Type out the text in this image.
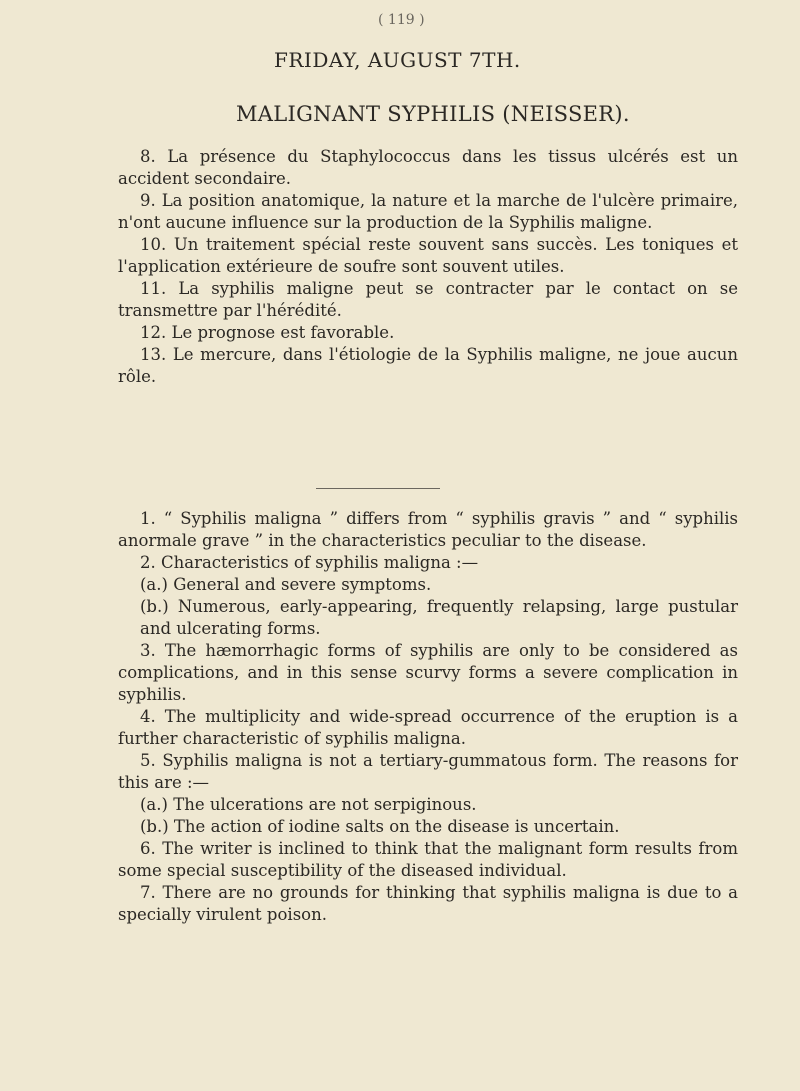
( 119 )
FRIDAY, AUGUST 7TH.
MALIGNANT SYPHILIS (NEISSER).

8. La présence du Staphylococcus dans les tissus ulcérés est un accident secondaire.

9. La position anatomique, la nature et la marche de l'ulcère primaire, n'ont aucune influence sur la production de la Syphilis maligne.

10. Un traitement spécial reste souvent sans succès. Les toniques et l'application extérieure de soufre sont souvent utiles.

11. La syphilis maligne peut se contracter par le contact on se transmettre par l'hérédité.

12. Le prognose est favorable.

13. Le mercure, dans l'étiologie de la Syphilis maligne, ne joue aucun rôle.

1. “ Syphilis maligna ” differs from “ syphilis gravis ” and “ syphilis anormale grave ” in the characteristics peculiar to the disease.

2. Characteristics of syphilis maligna :—

(a.) General and severe symptoms.

(b.) Numerous, early-appearing, frequently relapsing, large pustular and ulcerating forms.

3. The hæmorrhagic forms of syphilis are only to be considered as complications, and in this sense scurvy forms a severe complication in syphilis.

4. The multiplicity and wide-spread occurrence of the eruption is a further characteristic of syphilis maligna.

5. Syphilis maligna is not a tertiary-gummatous form. The reasons for this are :—

(a.) The ulcerations are not serpiginous.

(b.) The action of iodine salts on the disease is uncertain.

6. The writer is inclined to think that the malignant form results from some special susceptibility of the diseased individual.

7. There are no grounds for thinking that syphilis maligna is due to a specially virulent poison.
